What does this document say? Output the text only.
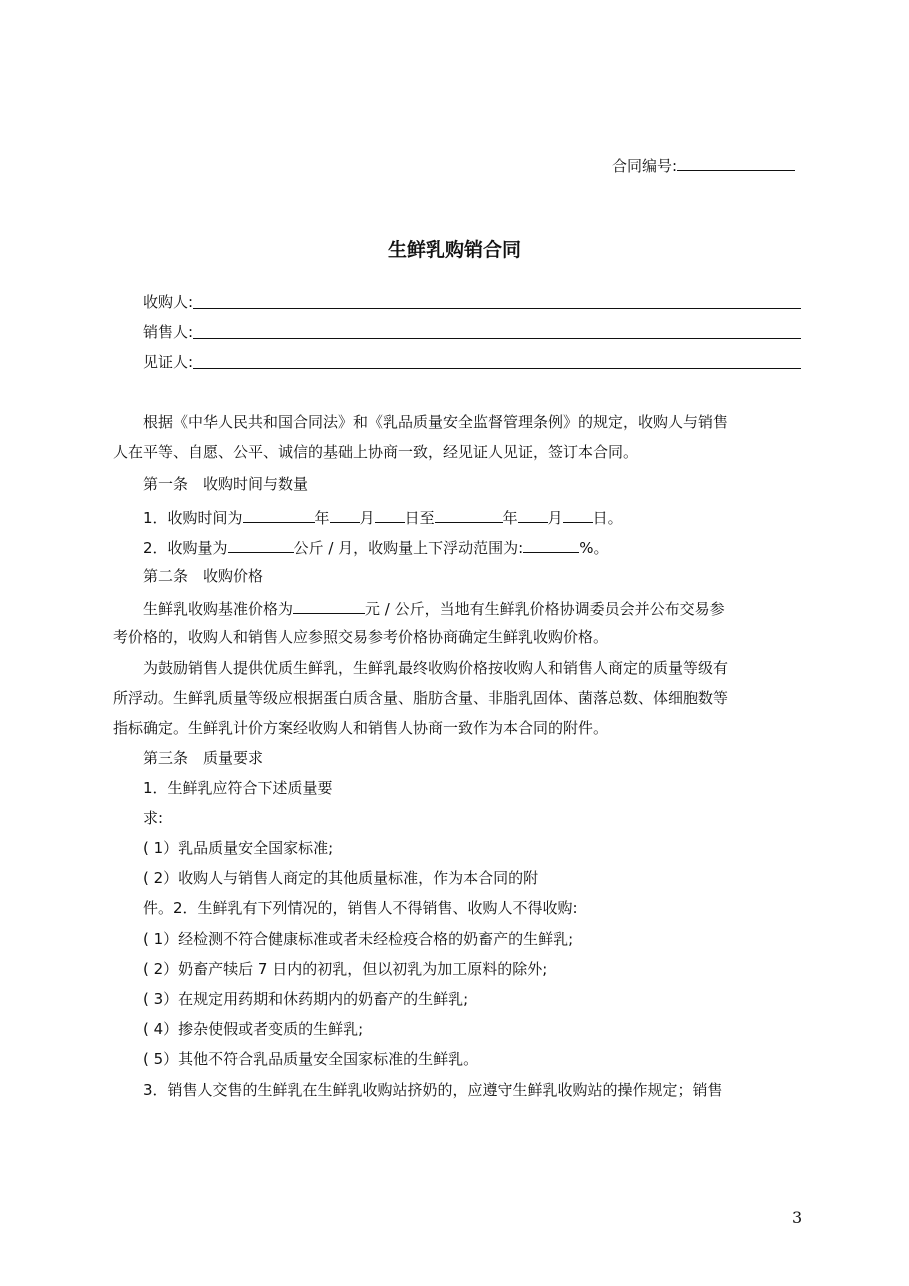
合同编号:
生鲜乳购销合同
收购人:
销售人:
见证人:
根据《中华人民共和国合同法》和《乳品质量安全监督管理条例》的规定，收购人与销售
人在平等、自愿、公平、诚信的基础上协商一致，经见证人见证，签订本合同。
第一条　收购时间与数量
1．收购时间为	年 月 日至	年 月 日。
2．收购量为	公斤 / 月，收购量上下浮动范围为:	%。
第二条　收购价格
生鲜乳收购基准价格为	元 / 公斤，当地有生鲜乳价格协调委员会并公布交易参
考价格的，收购人和销售人应参照交易参考价格协商确定生鲜乳收购价格。
为鼓励销售人提供优质生鲜乳，生鲜乳最终收购价格按收购人和销售人商定的质量等级有
所浮动。生鲜乳质量等级应根据蛋白质含量、脂肪含量、非脂乳固体、菌落总数、体细胞数等
指标确定。生鲜乳计价方案经收购人和销售人协商一致作为本合同的附件。
第三条　质量要求
1．生鲜乳应符合下述质量要
求:
( 1）乳品质量安全国家标准;
( 2）收购人与销售人商定的其他质量标准，作为本合同的附
件。2．生鲜乳有下列情况的，销售人不得销售、收购人不得收购:
( 1）经检测不符合健康标准或者未经检疫合格的奶畜产的生鲜乳;
( 2）奶畜产犊后 7 日内的初乳，但以初乳为加工原料的除外;
( 3）在规定用药期和休药期内的奶畜产的生鲜乳;
( 4）掺杂使假或者变质的生鲜乳;
( 5）其他不符合乳品质量安全国家标准的生鲜乳。
3．销售人交售的生鲜乳在生鲜乳收购站挤奶的，应遵守生鲜乳收购站的操作规定；销售
3
